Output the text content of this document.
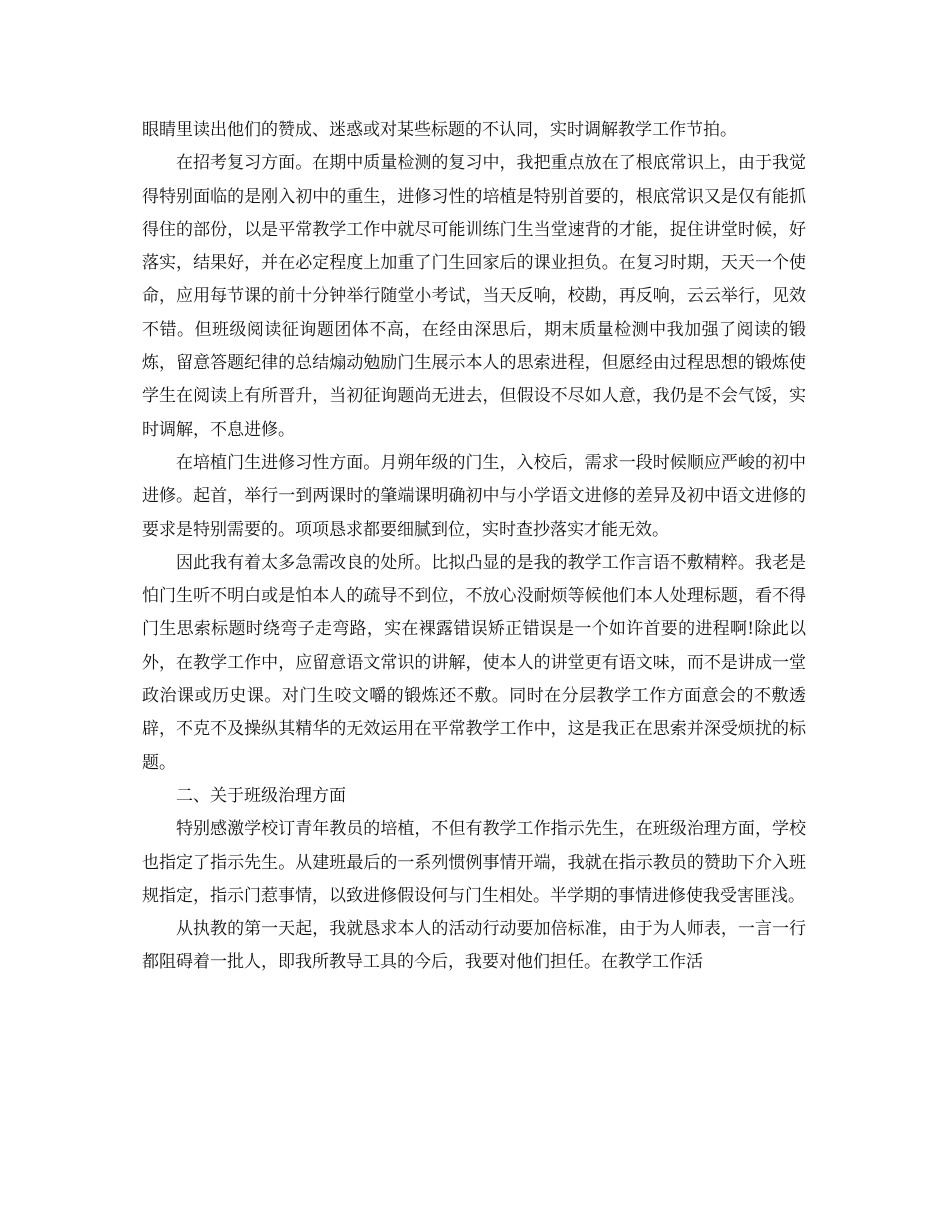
眼睛里读出他们的赞成、迷惑或对某些标题的不认同，实时调解教学工作节拍。

在招考复习方面。在期中质量检测的复习中，我把重点放在了根底常识上，由于我觉得特别面临的是刚入初中的重生，进修习性的培植是特别首要的，根底常识又是仅有能抓得住的部份，以是平常教学工作中就尽可能训练门生当堂速背的才能，捉住讲堂时候，好落实，结果好，并在必定程度上加重了门生回家后的课业担负。在复习时期，天天一个使命，应用每节课的前十分钟举行随堂小考试，当天反响，校勘，再反响，云云举行，见效不错。但班级阅读征询题团体不高，在经由深思后，期末质量检测中我加强了阅读的锻炼，留意答题纪律的总结煽动勉励门生展示本人的思索进程，但愿经由过程思想的锻炼使学生在阅读上有所晋升，当初征询题尚无进去，但假设不尽如人意，我仍是不会气馁，实时调解，不息进修。

在培植门生进修习性方面。月朔年级的门生，入校后，需求一段时候顺应严峻的初中进修。起首，举行一到两课时的肇端课明确初中与小学语文进修的差异及初中语文进修的要求是特别需要的。项项恳求都要细腻到位，实时查抄落实才能无效。

因此我有着太多急需改良的处所。比拟凸显的是我的教学工作言语不敷精粹。我老是怕门生听不明白或是怕本人的疏导不到位，不放心没耐烦等候他们本人处理标题，看不得门生思索标题时绕弯子走弯路，实在裸露错误矫正错误是一个如许首要的进程啊!除此以外，在教学工作中，应留意语文常识的讲解，使本人的讲堂更有语文味，而不是讲成一堂政治课或历史课。对门生咬文嚼的锻炼还不敷。同时在分层教学工作方面意会的不敷透辟，不克不及操纵其精华的无效运用在平常教学工作中，这是我正在思索并深受烦扰的标题。

二、关于班级治理方面

特别感激学校订青年教员的培植，不但有教学工作指示先生，在班级治理方面，学校也指定了指示先生。从建班最后的一系列惯例事情开端，我就在指示教员的赞助下介入班规指定，指示门惹事情，以致进修假设何与门生相处。半学期的事情进修使我受害匪浅。

从执教的第一天起，我就恳求本人的活动行动要加倍标准，由于为人师表，一言一行都阻碍着一批人，即我所教导工具的今后，我要对他们担任。在教学工作活
